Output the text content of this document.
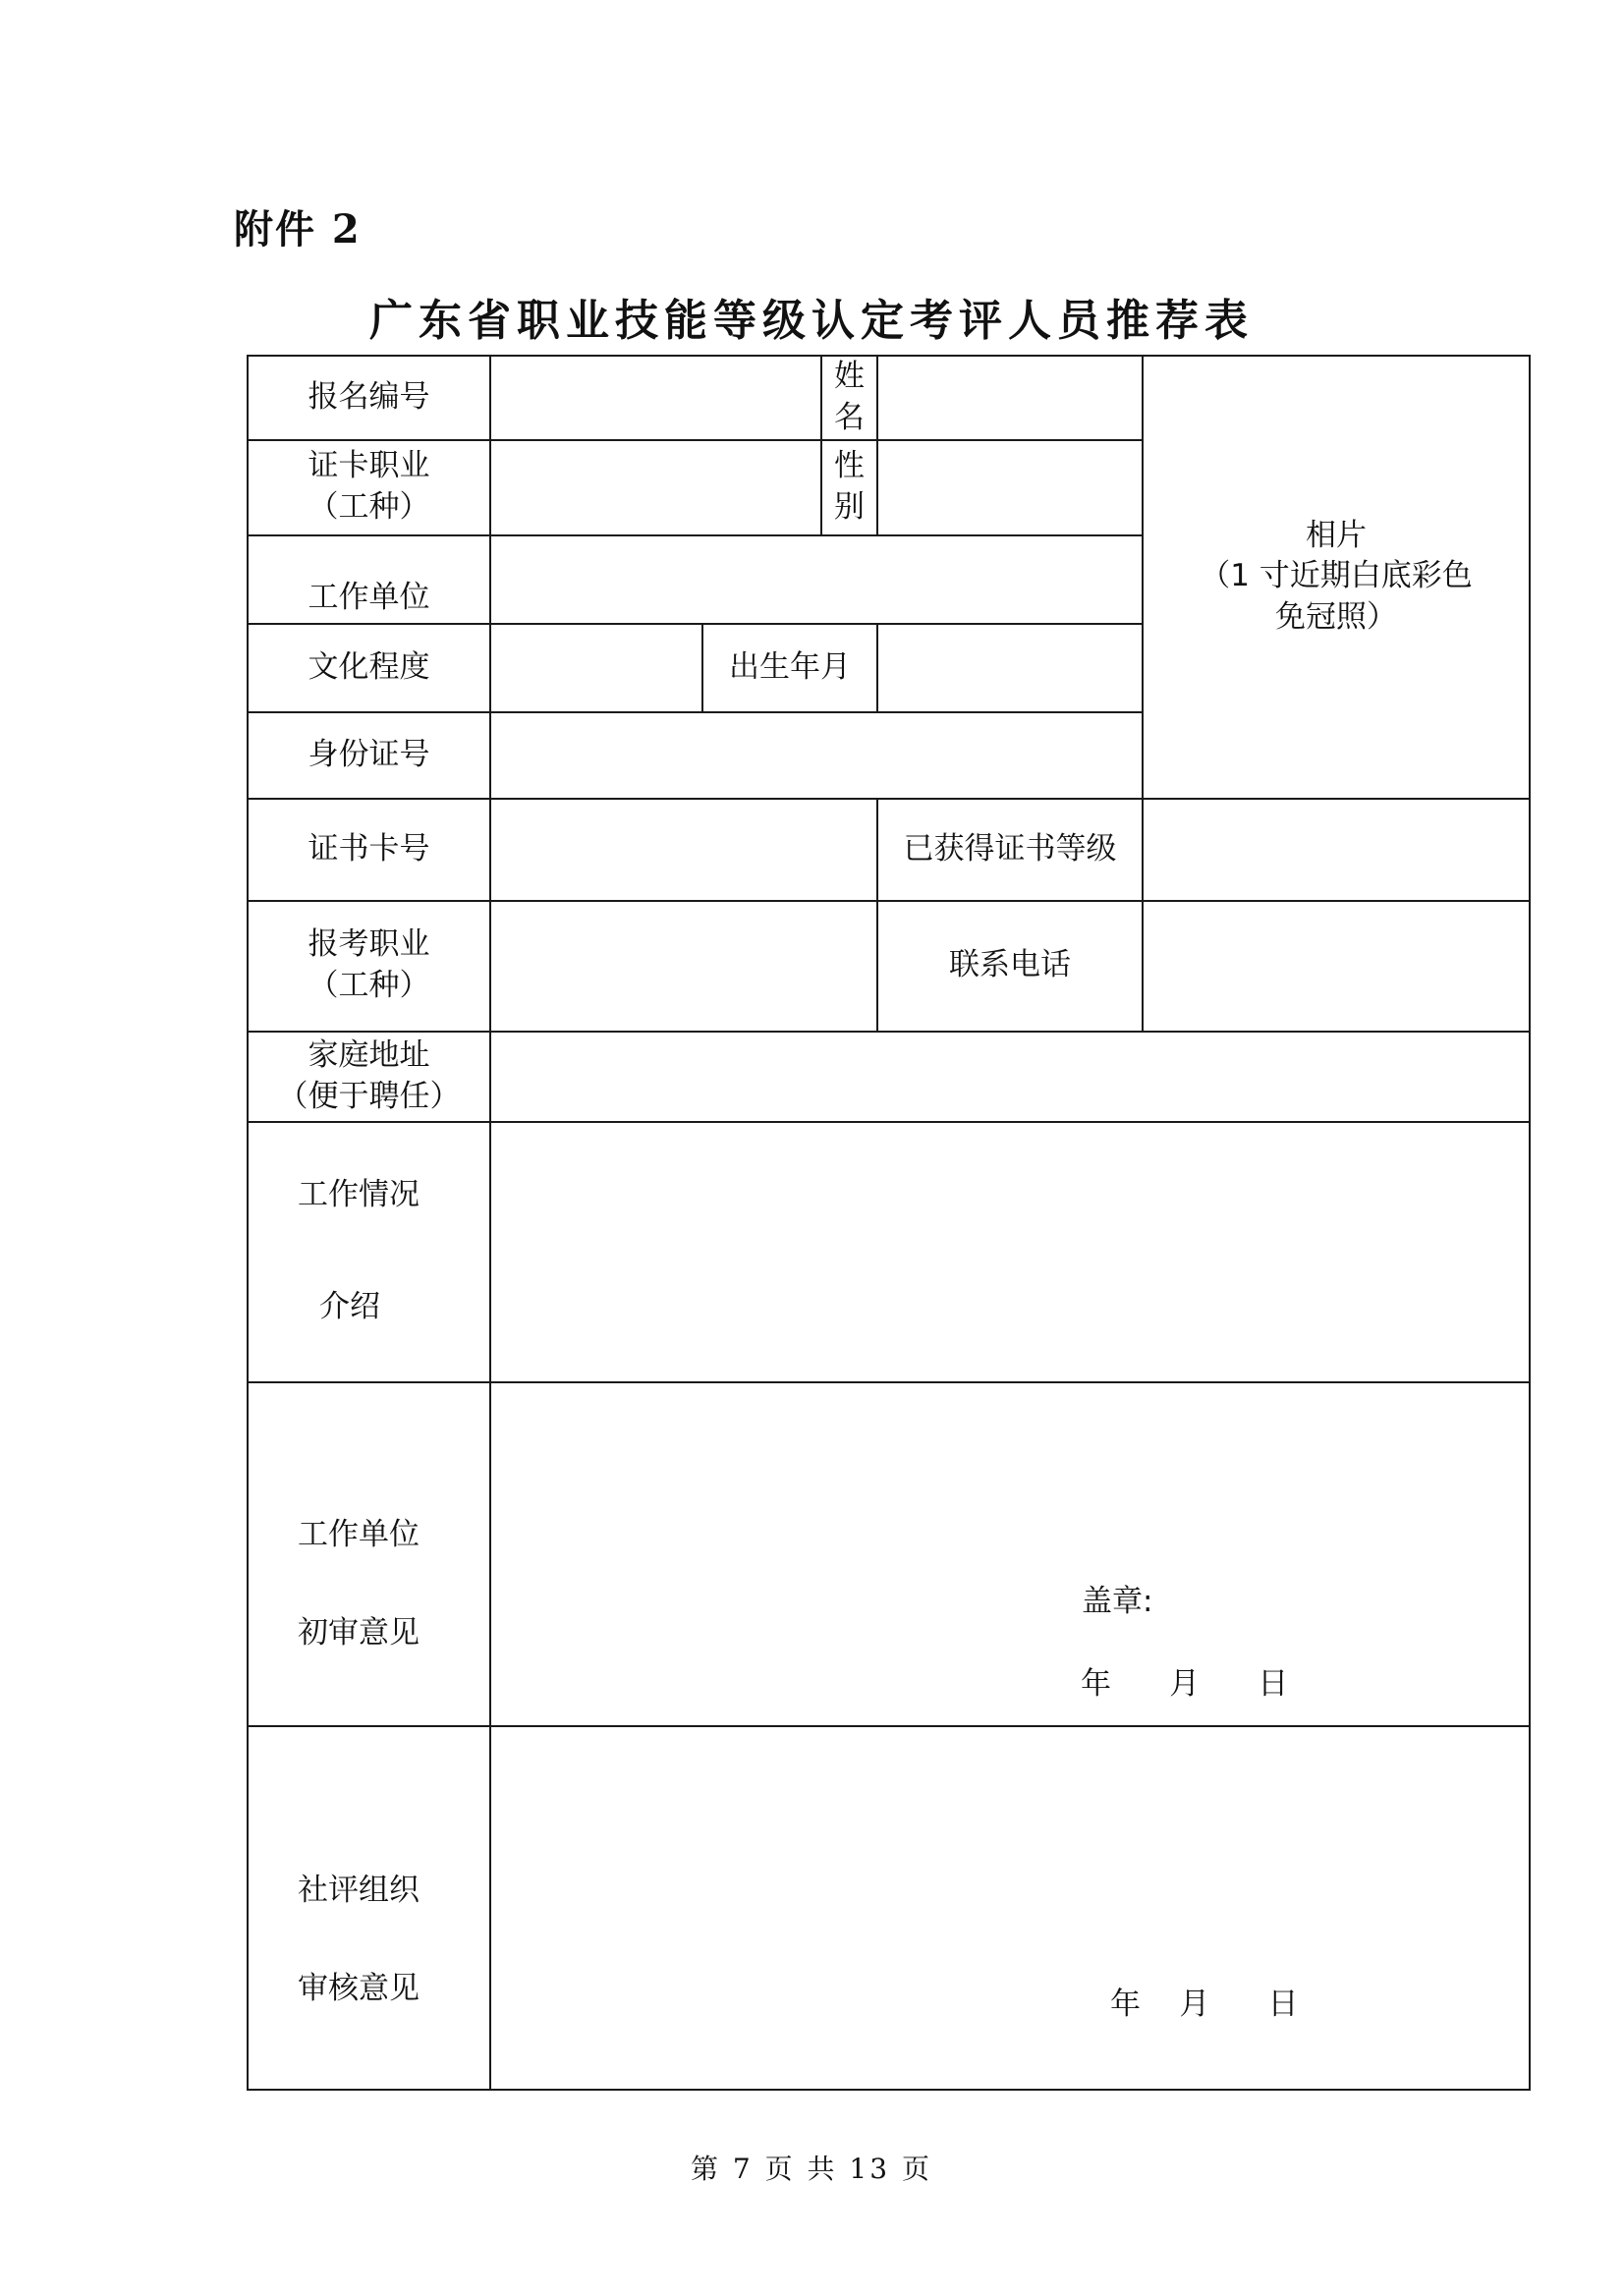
附件 2
广东省职业技能等级认定考评人员推荐表
报名编号			姓名		相片
（1 寸近期白底彩色
免冠照）

证卡职业
（工种）			性别		
工作单位					
文化程度		出生年月			
身份证号					
证书卡号				已获得证书等级	

报考职业
（工种）				联系电话	

家庭地址
（便于聘任）					

工作情况
介绍					

工作单位
初审意见	盖章:
年      月      日				

社评组织
审核意见	年    月      日				
第 7 页 共 13 页
